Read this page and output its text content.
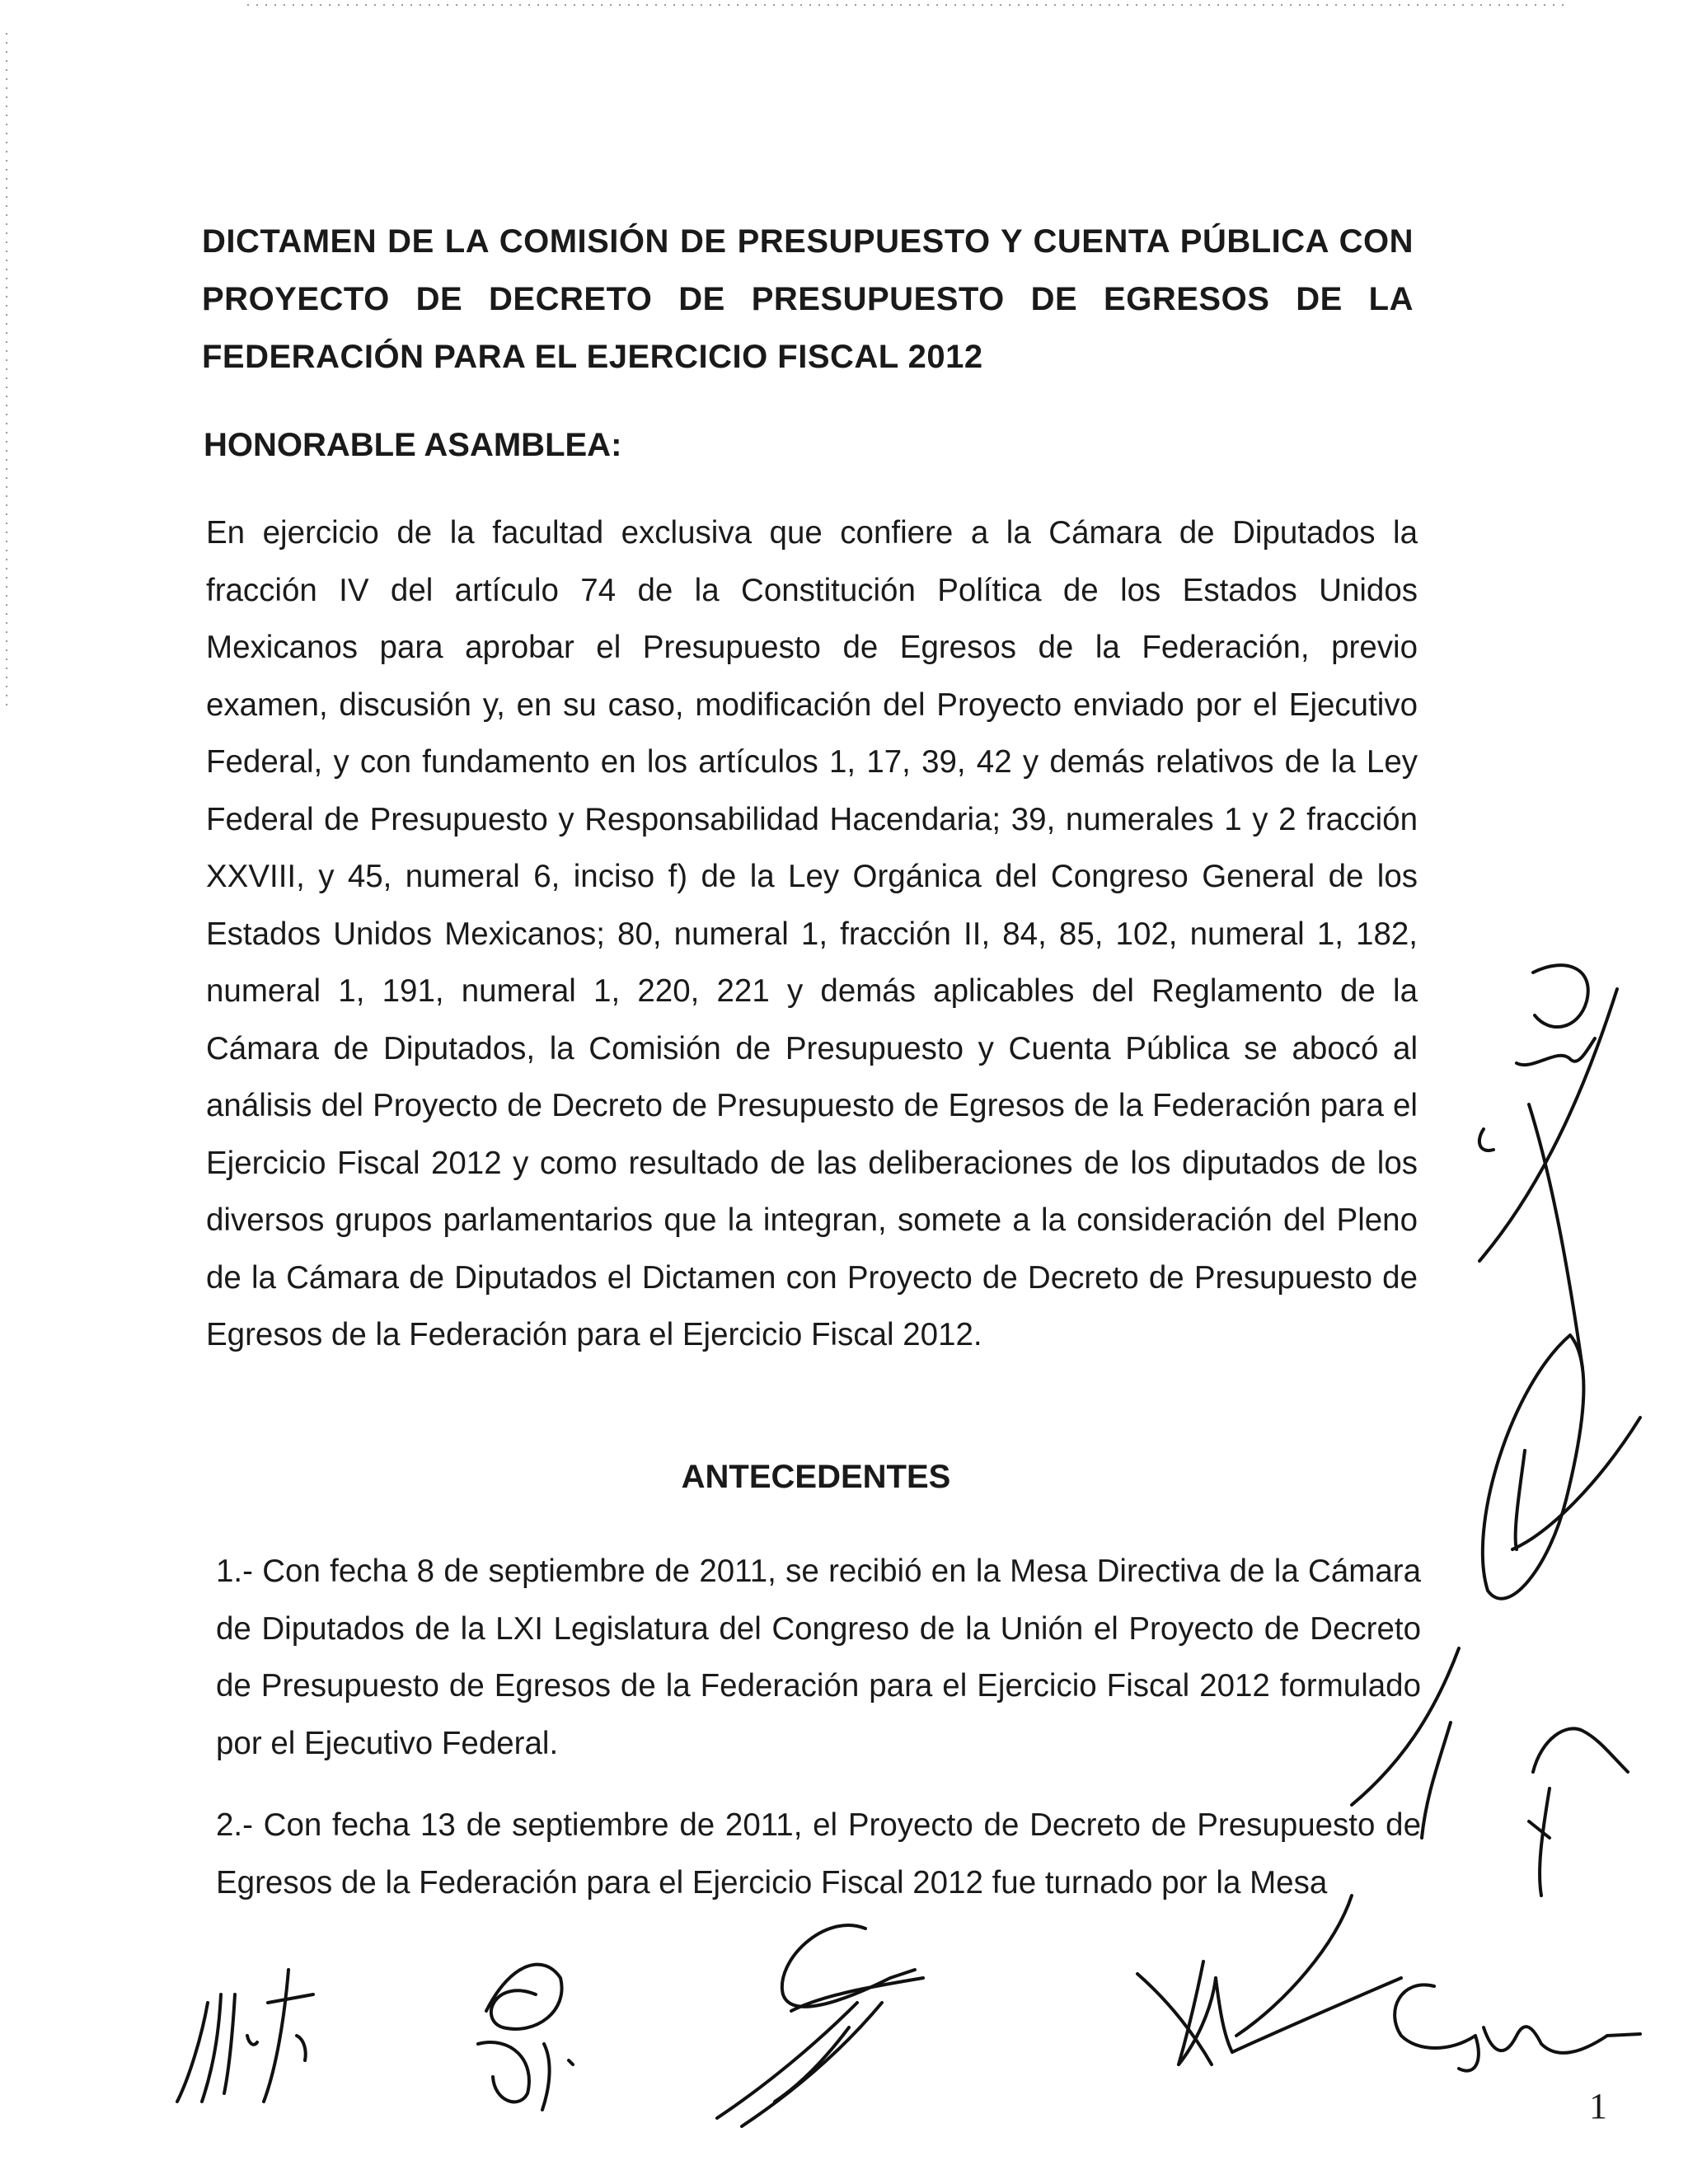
DICTAMEN DE LA COMISIÓN DE PRESUPUESTO Y CUENTA PÚBLICA CON PROYECTO DE DECRETO DE PRESUPUESTO DE EGRESOS DE LA FEDERACIÓN PARA EL EJERCICIO FISCAL 2012
HONORABLE ASAMBLEA:
En ejercicio de la facultad exclusiva que confiere a la Cámara de Diputados la fracción IV del artículo 74 de la Constitución Política de los Estados Unidos Mexicanos para aprobar el Presupuesto de Egresos de la Federación, previo examen, discusión y, en su caso, modificación del Proyecto enviado por el Ejecutivo Federal, y con fundamento en los artículos 1, 17, 39, 42 y demás relativos de la Ley Federal de Presupuesto y Responsabilidad Hacendaria; 39, numerales 1 y 2 fracción XXVIII, y 45, numeral 6, inciso f) de la Ley Orgánica del Congreso General de los Estados Unidos Mexicanos; 80, numeral 1, fracción II, 84, 85, 102, numeral 1, 182, numeral 1, 191, numeral 1, 220, 221 y demás aplicables del Reglamento de la Cámara de Diputados, la Comisión de Presupuesto y Cuenta Pública se abocó al análisis del Proyecto de Decreto de Presupuesto de Egresos de la Federación para el Ejercicio Fiscal 2012 y como resultado de las deliberaciones de los diputados de los diversos grupos parlamentarios que la integran, somete a la consideración del Pleno de la Cámara de Diputados el Dictamen con Proyecto de Decreto de Presupuesto de Egresos de la Federación para el Ejercicio Fiscal 2012.
ANTECEDENTES
1.- Con fecha 8 de septiembre de 2011, se recibió en la Mesa Directiva de la Cámara de Diputados de la LXI Legislatura del Congreso de la Unión el Proyecto de Decreto de Presupuesto de Egresos de la Federación para el Ejercicio Fiscal 2012 formulado por el Ejecutivo Federal.
2.- Con fecha 13 de septiembre de 2011, el Proyecto de Decreto de Presupuesto de Egresos de la Federación para el Ejercicio Fiscal 2012 fue turnado por la Mesa
1
